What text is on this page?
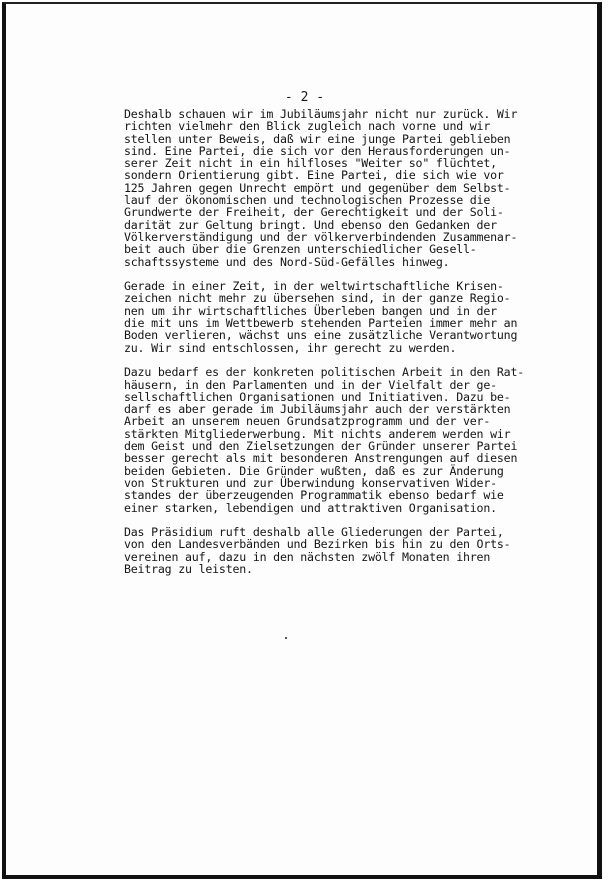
- 2 -

Deshalb schauen wir im Jubiläumsjahr nicht nur zurück. Wir
richten vielmehr den Blick zugleich nach vorne und wir
stellen unter Beweis, daß wir eine junge Partei geblieben
sind. Eine Partei, die sich vor den Herausforderungen un-
serer Zeit nicht in ein hilfloses "Weiter so" flüchtet,
sondern Orientierung gibt. Eine Partei, die sich wie vor
125 Jahren gegen Unrecht empört und gegenüber dem Selbst-
lauf der ökonomischen und technologischen Prozesse die
Grundwerte der Freiheit, der Gerechtigkeit und der Soli-
darität zur Geltung bringt. Und ebenso den Gedanken der
Völkerverständigung und der völkerverbindenden Zusammenar-
beit auch über die Grenzen unterschiedlicher Gesell-
schaftssysteme und des Nord-Süd-Gefälles hinweg.

Gerade in einer Zeit, in der weltwirtschaftliche Krisen-
zeichen nicht mehr zu übersehen sind, in der ganze Regio-
nen um ihr wirtschaftliches Überleben bangen und in der
die mit uns im Wettbewerb stehenden Parteien immer mehr an
Boden verlieren, wächst uns eine zusätzliche Verantwortung
zu. Wir sind entschlossen, ihr gerecht zu werden.

Dazu bedarf es der konkreten politischen Arbeit in den Rat-
häusern, in den Parlamenten und in der Vielfalt der ge-
sellschaftlichen Organisationen und Initiativen. Dazu be-
darf es aber gerade im Jubiläumsjahr auch der verstärkten
Arbeit an unserem neuen Grundsatzprogramm und der ver-
stärkten Mitgliederwerbung. Mit nichts anderem werden wir
dem Geist und den Zielsetzungen der Gründer unserer Partei
besser gerecht als mit besonderen Anstrengungen auf diesen
beiden Gebieten. Die Gründer wußten, daß es zur Änderung
von Strukturen und zur Überwindung konservativen Wider-
standes der überzeugenden Programmatik ebenso bedarf wie
einer starken, lebendigen und attraktiven Organisation.

Das Präsidium ruft deshalb alle Gliederungen der Partei,
von den Landesverbänden und Bezirken bis hin zu den Orts-
vereinen auf, dazu in den nächsten zwölf Monaten ihren
Beitrag zu leisten.
